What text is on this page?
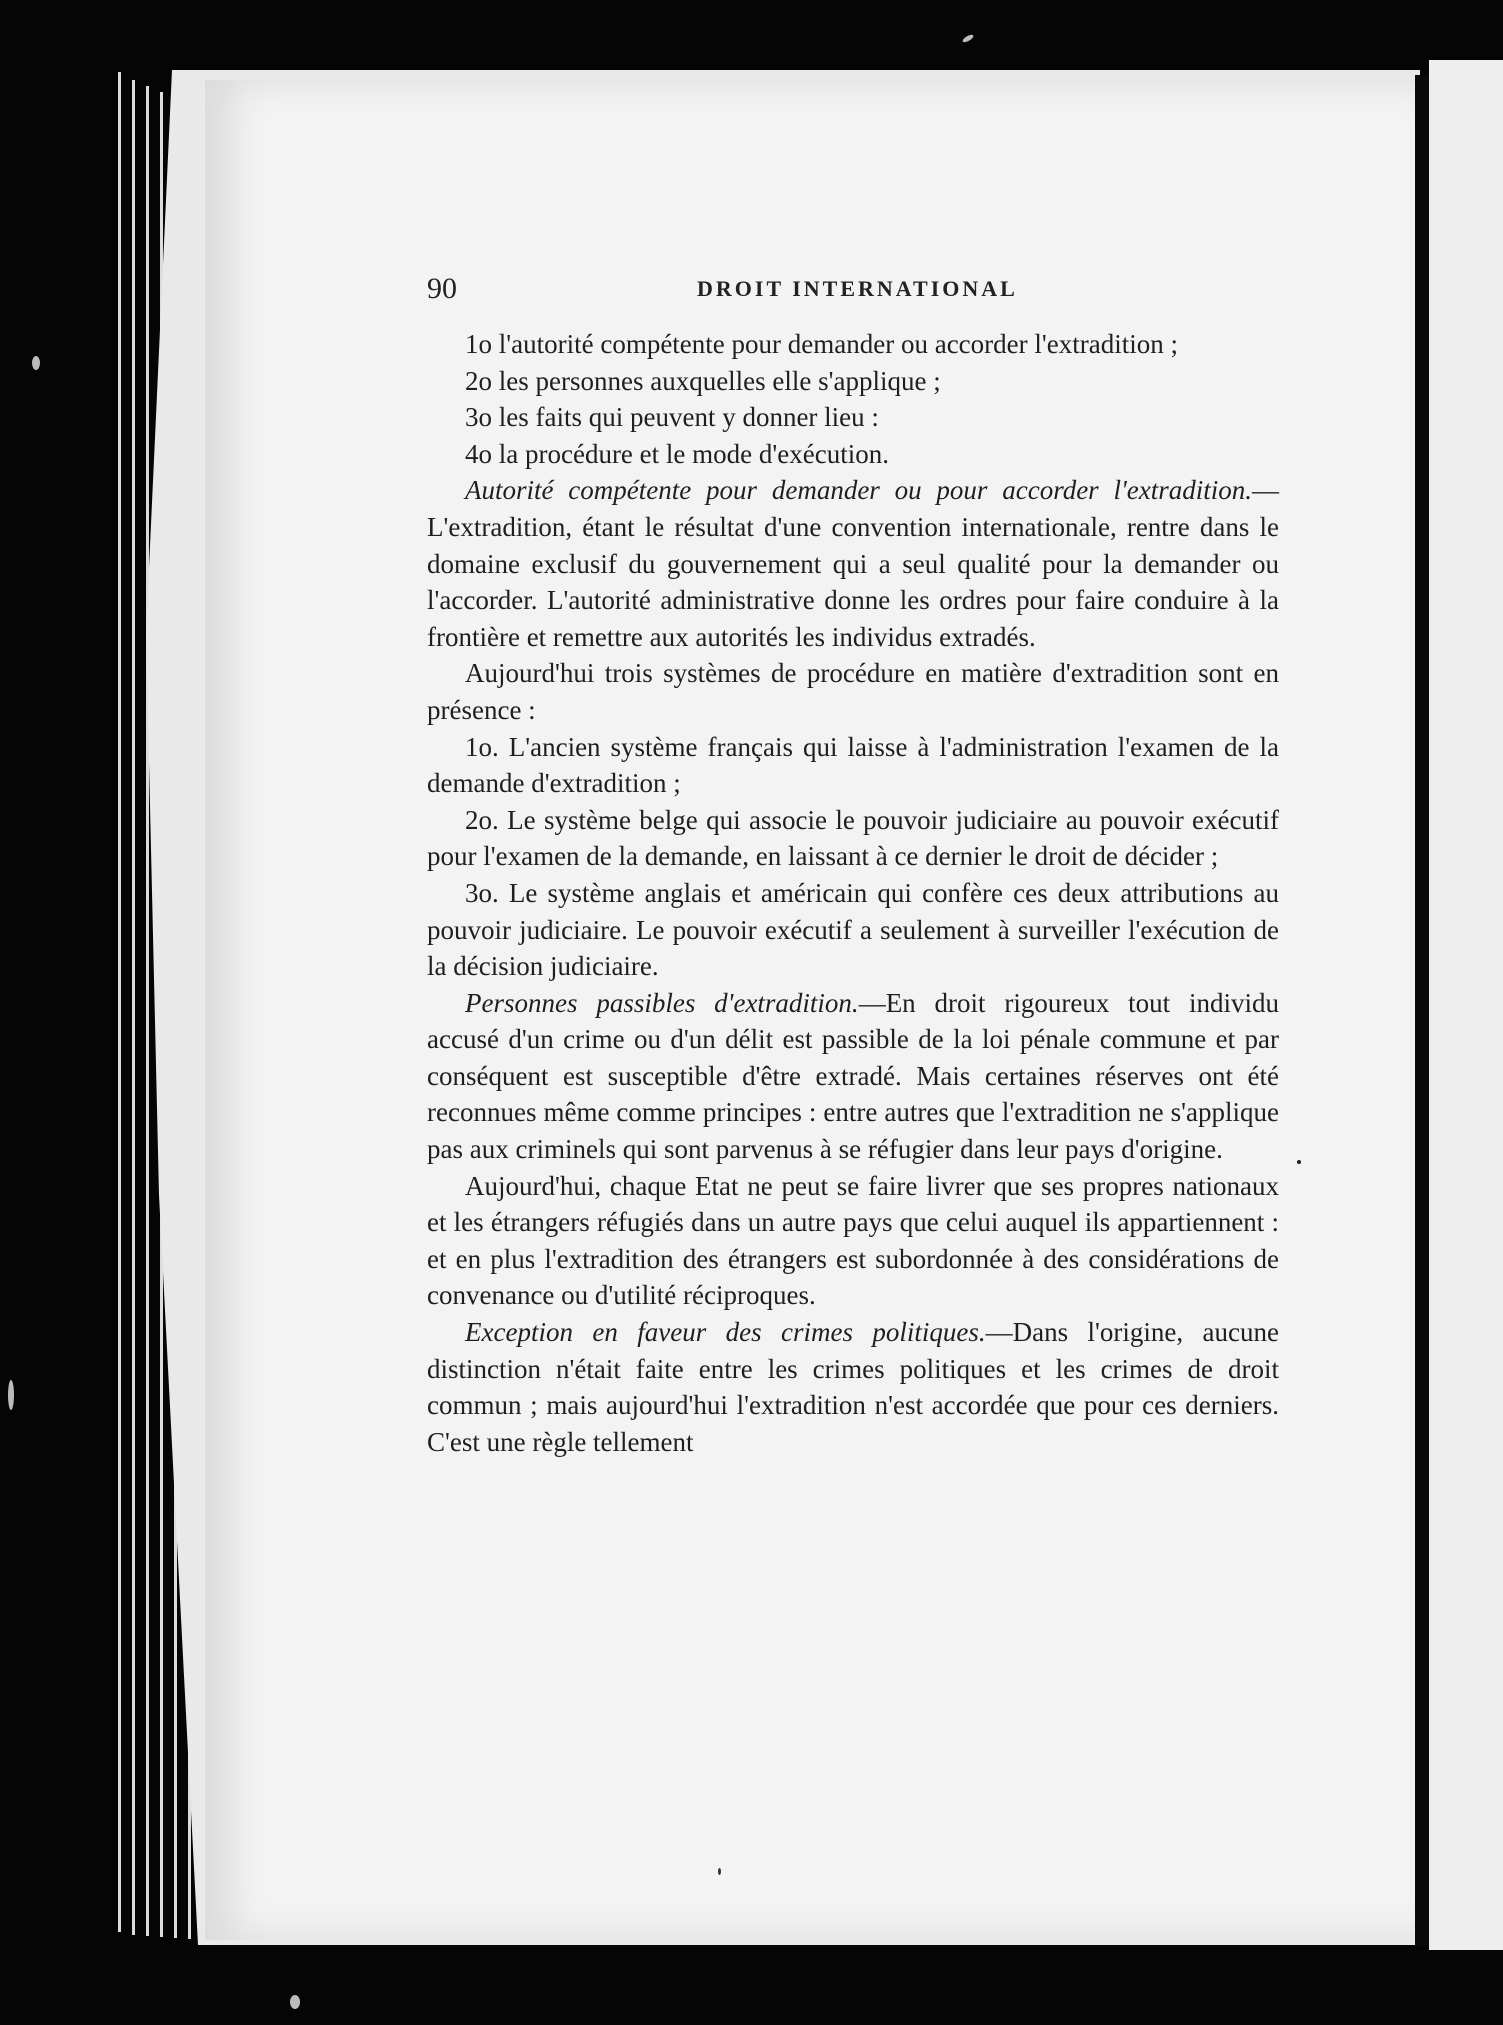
90	DROIT INTERNATIONAL

1o l'autorité compétente pour demander ou accorder l'extradition ;

2o les personnes auxquelles elle s'applique ;

3o les faits qui peuvent y donner lieu :

4o la procédure et le mode d'exécution.

Autorité compétente pour demander ou pour accorder l'extradition.—L'extradition, étant le résultat d'une convention internationale, rentre dans le domaine exclusif du gouvernement qui a seul qualité pour la demander ou l'accorder. L'autorité administrative donne les ordres pour faire conduire à la frontière et remettre aux autorités les individus extradés.

Aujourd'hui trois systèmes de procédure en matière d'extradition sont en présence :

1o. L'ancien système français qui laisse à l'administration l'examen de la demande d'extradition ;

2o. Le système belge qui associe le pouvoir judiciaire au pouvoir exécutif pour l'examen de la demande, en laissant à ce dernier le droit de décider ;

3o. Le système anglais et américain qui confère ces deux attributions au pouvoir judiciaire. Le pouvoir exécutif a seulement à surveiller l'exécution de la décision judiciaire.

Personnes passibles d'extradition.—En droit rigoureux tout individu accusé d'un crime ou d'un délit est passible de la loi pénale commune et par conséquent est susceptible d'être extradé. Mais certaines réserves ont été reconnues même comme principes : entre autres que l'extradition ne s'applique pas aux criminels qui sont parvenus à se réfugier dans leur pays d'origine.

Aujourd'hui, chaque Etat ne peut se faire livrer que ses propres nationaux et les étrangers réfugiés dans un autre pays que celui auquel ils appartiennent : et en plus l'extradition des étrangers est subordonnée à des considérations de convenance ou d'utilité réciproques.

Exception en faveur des crimes politiques.—Dans l'origine, aucune distinction n'était faite entre les crimes politiques et les crimes de droit commun ; mais aujourd'hui l'extradition n'est accordée que pour ces derniers. C'est une règle tellement
